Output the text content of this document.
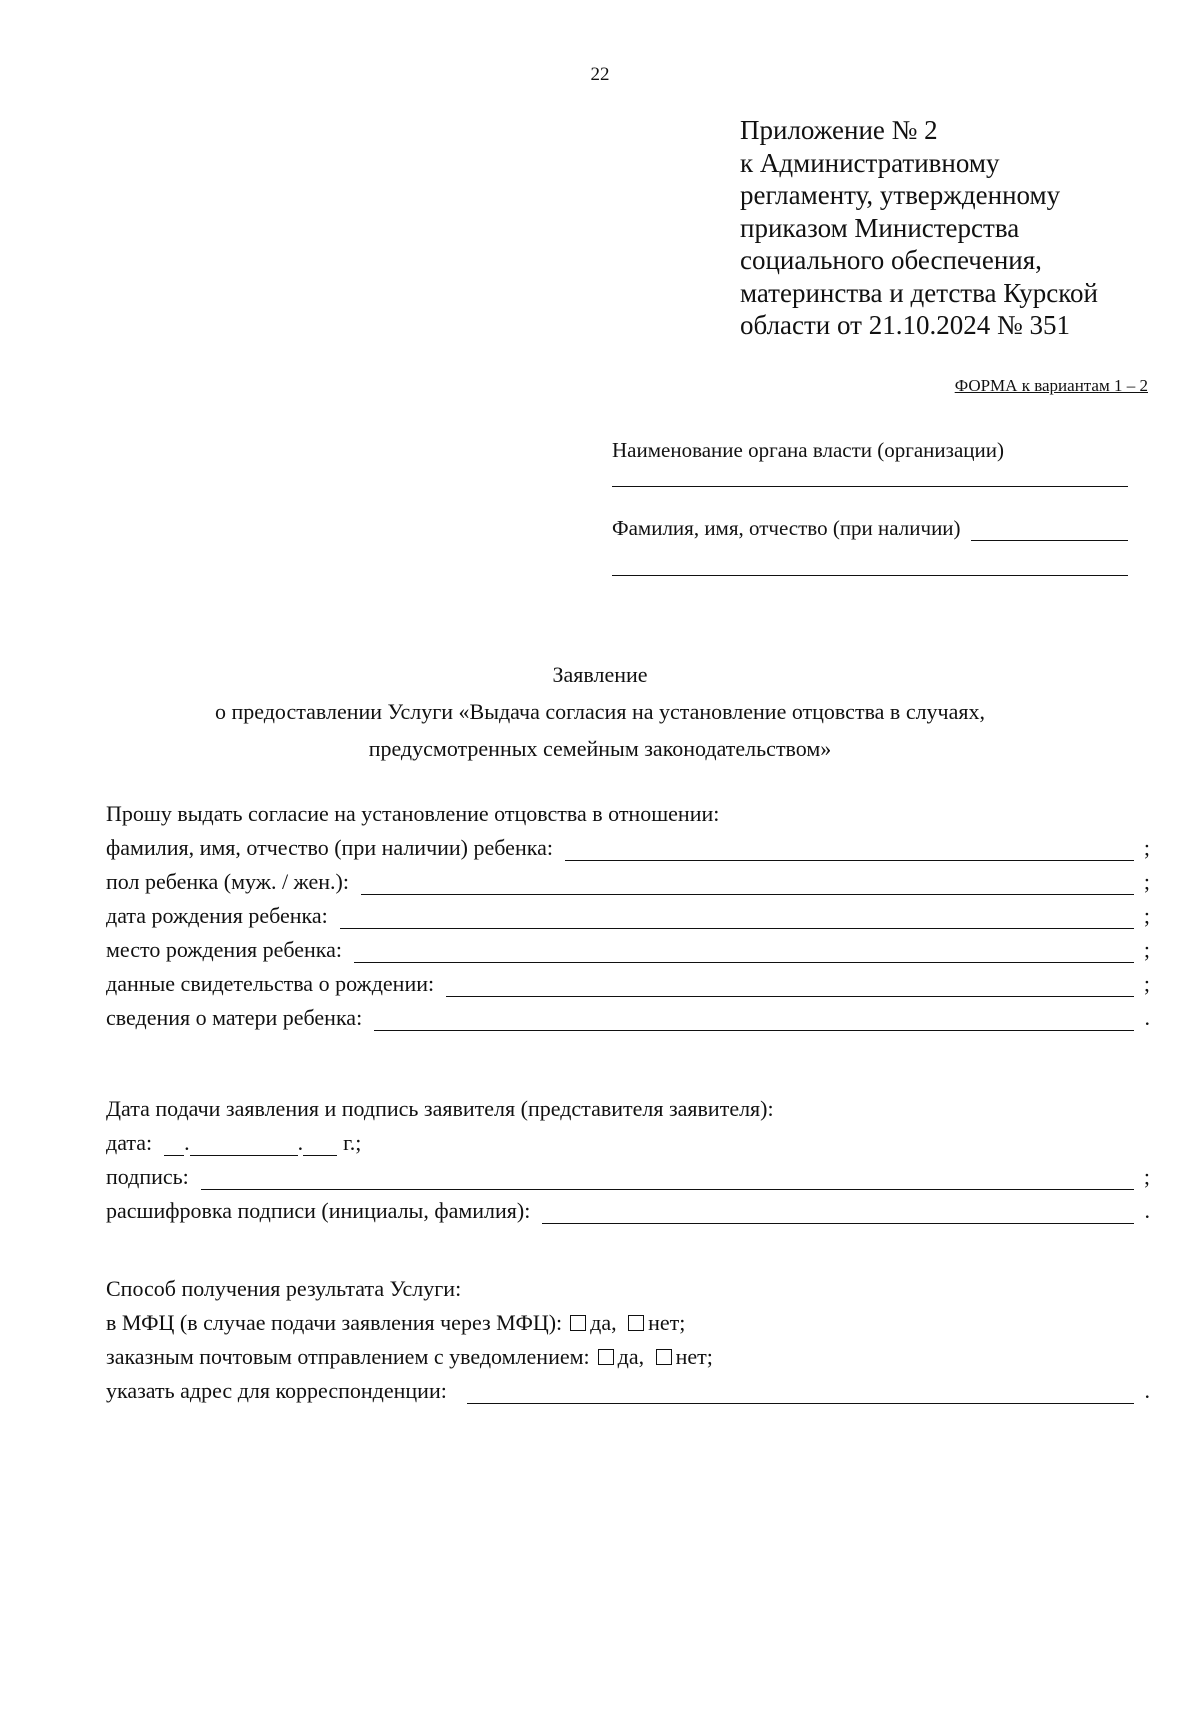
22
Приложение № 2
к Административному
регламенту, утвержденному
приказом Министерства
социального обеспечения,
материнства и детства Курской
области от 21.10.2024 № 351
ФОРМА к вариантам 1 – 2
Наименование органа власти (организации)
Фамилия, имя, отчество (при наличии)
Заявление
о предоставлении Услуги «Выдача согласия на установление отцовства в случаях,
предусмотренных семейным законодательством»
Прошу выдать согласие на установление отцовства в отношении:
фамилия, имя, отчество (при наличии) ребенка:	;
пол ребенка (муж. / жен.):	;
дата рождения ребенка:	;
место рождения ребенка:	;
данные свидетельства о рождении:	;
сведения о матери ребенка:	.
Дата подачи заявления и подпись заявителя (представителя заявителя):
дата: .	. г.;
подпись:	;
расшифровка подписи (инициалы, фамилия):	.
Способ получения результата Услуги:
в МФЦ (в случае подачи заявления через МФЦ):	да, нет;
заказным почтовым отправлением с уведомлением:	да, нет;
указать адрес для корреспонденции:	.
